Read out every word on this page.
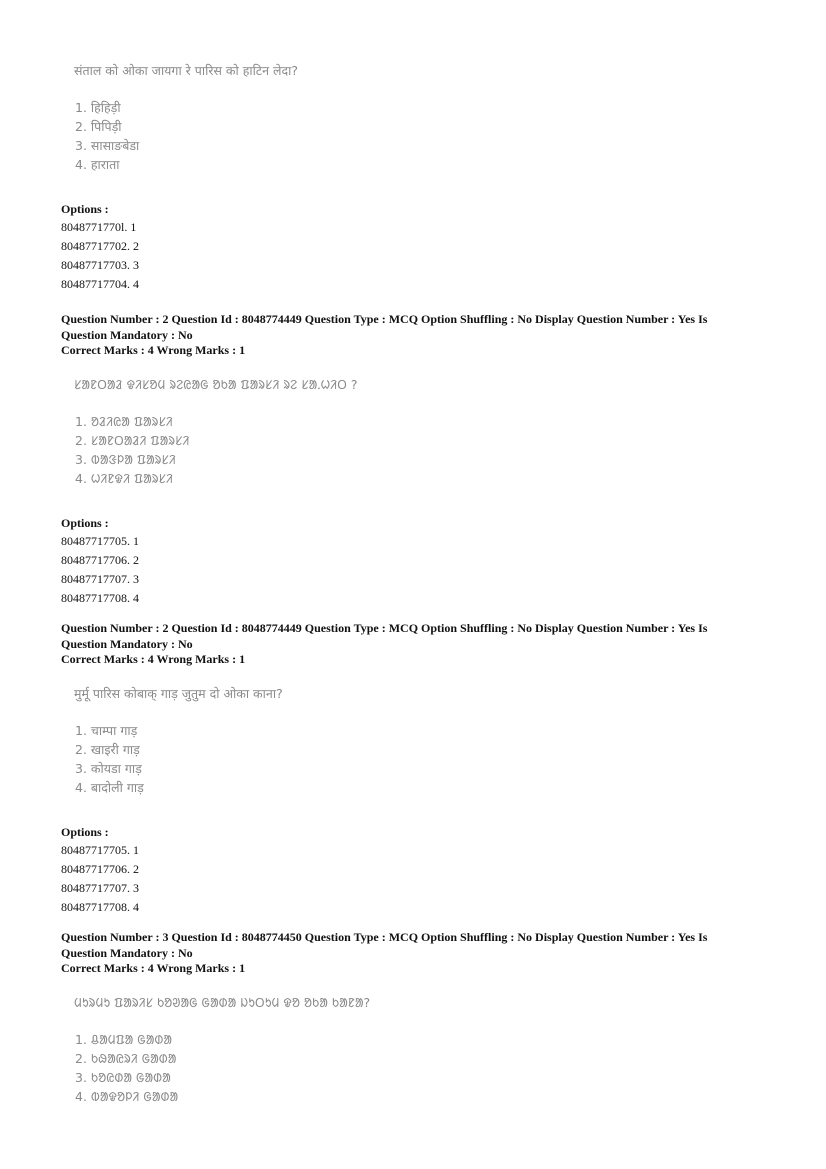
संताल को ओका जायगा रे पारिस को हाटिन लेदा?
1. हिहिड़ी
2. पिपिड़ी
3. सासाङबेडा
4. हाराता
Options :
8048771770l. 1
80487717702. 2
80487717703. 3
80487717704. 4
Question Number : 2 Question Id : 8048774449 Question Type : MCQ Option Shuffling : No Display Question Number : Yes Is
Question Mandatory : No
Correct Marks : 4 Wrong Marks : 1
ᱥᱟᱱᱛᱟᱲ ᱫᱤᱥᱚᱢ ᱨᱮᱭᱟᱜ ᱚᱠᱟ ᱯᱟᱨᱥᱤ ᱨᱮ ᱥᱟᱹᱦᱤᱛ ?
1. ᱚᱲᱤᱭᱟ ᱯᱟᱨᱥᱤ
2. ᱥᱟᱱᱛᱟᱲᱤ ᱯᱟᱨᱥᱤ
3. ᱵᱟᱝᱞᱟ ᱯᱟᱨᱥᱤ
4. ᱦᱤᱱᱫᱤ ᱯᱟᱨᱥᱤ
Options :
80487717705. 1
80487717706. 2
80487717707. 3
80487717708. 4
Question Number : 2 Question Id : 8048774449 Question Type : MCQ Option Shuffling : No Display Question Number : Yes Is
Question Mandatory : No
Correct Marks : 4 Wrong Marks : 1
मुर्मू पारिस कोबाक् गाड़ जुतुम दो ओका काना?
1. चाम्पा गाड़
2. खाइरी गाड़
3. कोयडा गाड़
4. बादोली गाड़
Options :
80487717705. 1
80487717706. 2
80487717707. 3
80487717708. 4
Question Number : 3 Question Id : 8048774450 Question Type : MCQ Option Shuffling : No Display Question Number : Yes Is
Question Mandatory : No
Correct Marks : 4 Wrong Marks : 1
ᱢᱩᱨᱢᱩ ᱯᱟᱨᱤᱥ ᱠᱚᱣᱟᱜ ᱜᱟᱰᱟ ᱡᱩᱛᱩᱢ ᱫᱚ ᱚᱠᱟ ᱠᱟᱱᱟ?
1. ᱪᱟᱢᱯᱟ ᱜᱟᱰᱟ
2. ᱠᱷᱟᱭᱨᱤ ᱜᱟᱰᱟ
3. ᱠᱚᱭᱰᱟ ᱜᱟᱰᱟ
4. ᱵᱟᱫᱚᱞᱤ ᱜᱟᱰᱟ
